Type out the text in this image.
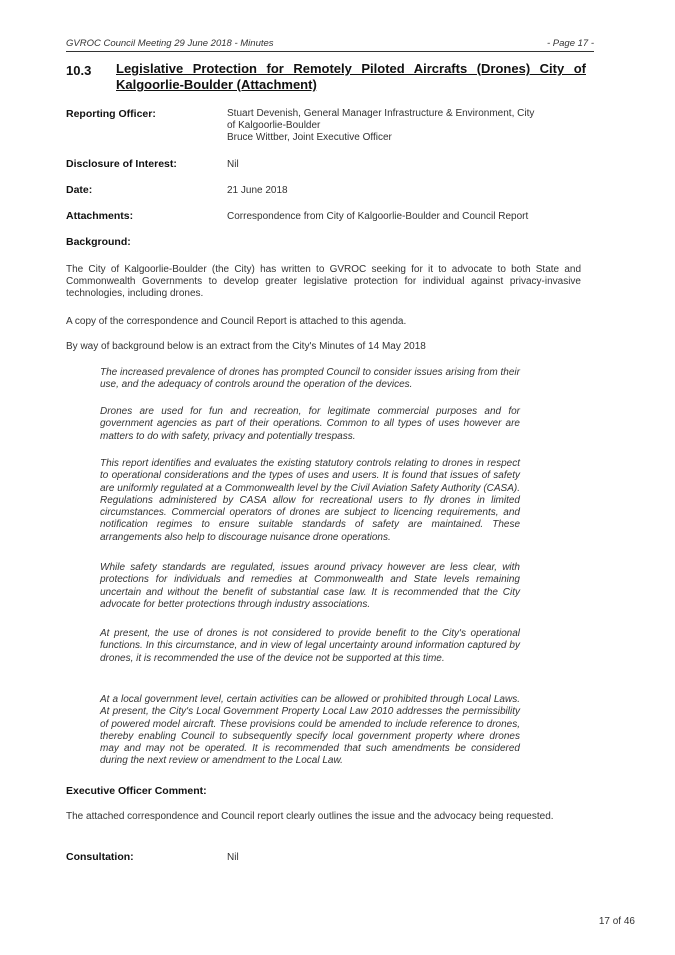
GVROC Council Meeting 29 June 2018 - Minutes	- Page 17 -
10.3 Legislative Protection for Remotely Piloted Aircrafts (Drones) City of Kalgoorlie-Boulder (Attachment)
Reporting Officer:	Stuart Devenish, General Manager Infrastructure & Environment, City
of Kalgoorlie-Boulder
Bruce Wittber, Joint Executive Officer
Disclosure of Interest:	Nil
Date:	21 June 2018
Attachments:	Correspondence from City of Kalgoorlie-Boulder and Council Report
Background:
The City of Kalgoorlie-Boulder (the City) has written to GVROC seeking for it to advocate to both State and Commonwealth Governments to develop greater legislative protection for individual against privacy-invasive technologies, including drones.
A copy of the correspondence and Council Report is attached to this agenda.
By way of background below is an extract from the City's Minutes of 14 May 2018
The increased prevalence of drones has prompted Council to consider issues arising from their use, and the adequacy of controls around the operation of the devices.
Drones are used for fun and recreation, for legitimate commercial purposes and for government agencies as part of their operations. Common to all types of uses however are matters to do with safety, privacy and potentially trespass.
This report identifies and evaluates the existing statutory controls relating to drones in respect to operational considerations and the types of uses and users. It is found that issues of safety are uniformly regulated at a Commonwealth level by the Civil Aviation Safety Authority (CASA). Regulations administered by CASA allow for recreational users to fly drones in limited circumstances. Commercial operators of drones are subject to licencing requirements, and notification regimes to ensure suitable standards of safety are maintained. These arrangements also help to discourage nuisance drone operations.
While safety standards are regulated, issues around privacy however are less clear, with protections for individuals and remedies at Commonwealth and State levels remaining uncertain and without the benefit of substantial case law. It is recommended that the City advocate for better protections through industry associations.
At present, the use of drones is not considered to provide benefit to the City's operational functions. In this circumstance, and in view of legal uncertainty around information captured by drones, it is recommended the use of the device not be supported at this time.
At a local government level, certain activities can be allowed or prohibited through Local Laws. At present, the City's Local Government Property Local Law 2010 addresses the permissibility of powered model aircraft. These provisions could be amended to include reference to drones, thereby enabling Council to subsequently specify local government property where drones may and may not be operated. It is recommended that such amendments be considered during the next review or amendment to the Local Law.
Executive Officer Comment:
The attached correspondence and Council report clearly outlines the issue and the advocacy being requested.
Consultation:	Nil
17 of 46
